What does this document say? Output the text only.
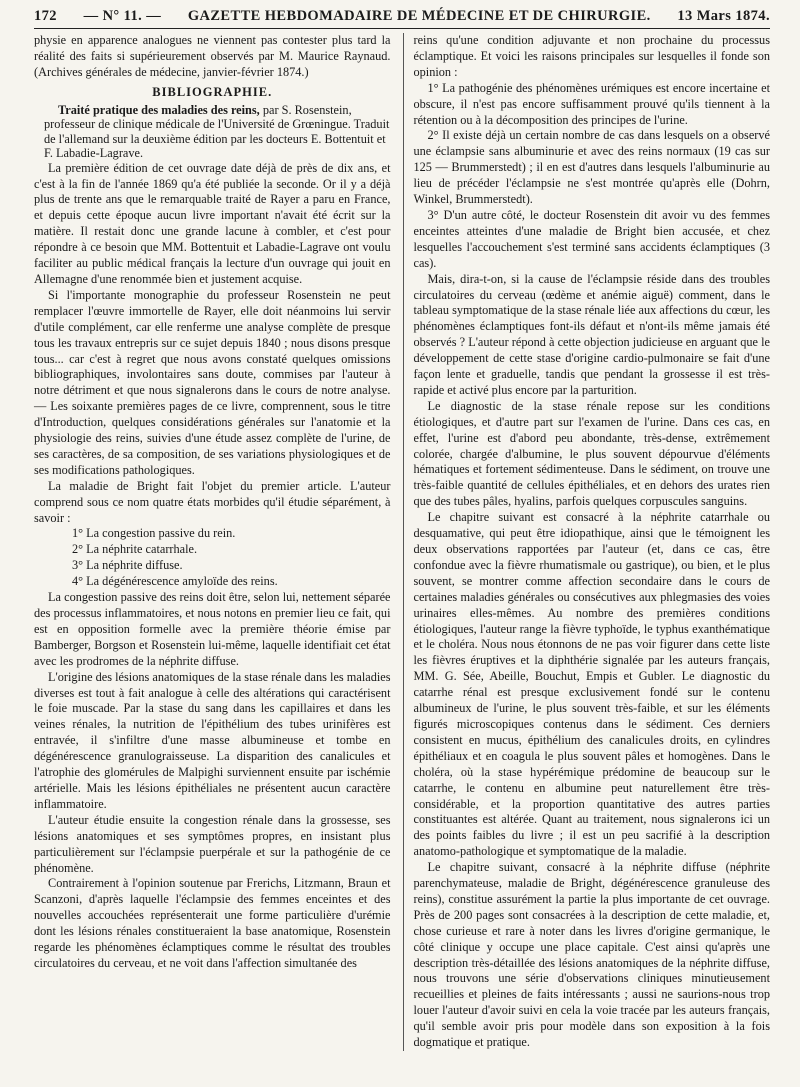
172 — N° 11. — GAZETTE HEBDOMADAIRE DE MÉDECINE ET DE CHIRURGIE. 13 Mars 1874.

physie en apparence analogues ne viennent pas contester plus tard la réalité des faits si supérieurement observés par M. Maurice Raynaud. (Archives générales de médecine, janvier-février 1874.)

BIBLIOGRAPHIE.

Traité pratique des maladies des reins, par S. Rosenstein, professeur de clinique médicale de l'Université de Grœningue. Traduit de l'allemand sur la deuxième édition par les docteurs E. Bottentuit et F. Labadie-Lagrave.

La première édition de cet ouvrage date déjà de près de dix ans, et c'est à la fin de l'année 1869 qu'a été publiée la seconde. Or il y a déjà plus de trente ans que le remarquable traité de Rayer a paru en France, et depuis cette époque aucun livre important n'avait été écrit sur la matière. Il restait donc une grande lacune à combler, et c'est pour répondre à ce besoin que MM. Bottentuit et Labadie-Lagrave ont voulu faciliter au public médical français la lecture d'un ouvrage qui jouit en Allemagne d'une renommée bien et justement acquise.

Si l'importante monographie du professeur Rosenstein ne peut remplacer l'œuvre immortelle de Rayer, elle doit néanmoins lui servir d'utile complément, car elle renferme une analyse complète de presque tous les travaux entrepris sur ce sujet depuis 1840 ; nous disons presque tous... car c'est à regret que nous avons constaté quelques omissions bibliographiques, involontaires sans doute, commises par l'auteur à notre détriment et que nous signalerons dans le cours de notre analyse. — Les soixante premières pages de ce livre, comprennent, sous le titre d'Introduction, quelques considérations générales sur l'anatomie et la physiologie des reins, suivies d'une étude assez complète de l'urine, de ses caractères, de sa composition, de ses variations physiologiques et de ses modifications pathologiques.

La maladie de Bright fait l'objet du premier article. L'auteur comprend sous ce nom quatre états morbides qu'il étudie séparément, à savoir :

1° La congestion passive du rein.

2° La néphrite catarrhale.

3° La néphrite diffuse.

4° La dégénérescence amyloïde des reins.

La congestion passive des reins doit être, selon lui, nettement séparée des processus inflammatoires, et nous notons en premier lieu ce fait, qui est en opposition formelle avec la première théorie émise par Bamberger, Borgson et Rosenstein lui-même, laquelle identifiait cet état avec les prodromes de la néphrite diffuse.

L'origine des lésions anatomiques de la stase rénale dans les maladies diverses est tout à fait analogue à celle des altérations qui caractérisent le foie muscade. Par la stase du sang dans les capillaires et dans les veines rénales, la nutrition de l'épithélium des tubes urinifères est entravée, il s'infiltre d'une masse albumineuse et tombe en dégénérescence granulograisseuse. La disparition des canalicules et l'atrophie des glomérules de Malpighi surviennent ensuite par ischémie artérielle. Mais les lésions épithéliales ne présentent aucun caractère inflammatoire.

L'auteur étudie ensuite la congestion rénale dans la grossesse, ses lésions anatomiques et ses symptômes propres, en insistant plus particulièrement sur l'éclampsie puerpérale et sur la pathogénie de ce phénomène.

Contrairement à l'opinion soutenue par Frerichs, Litzmann, Braun et Scanzoni, d'après laquelle l'éclampsie des femmes enceintes et des nouvelles accouchées représenterait une forme particulière d'urémie dont les lésions rénales constitueraient la base anatomique, Rosenstein regarde les phénomènes éclamptiques comme le résultat des troubles circulatoires du cerveau, et ne voit dans l'affection simultanée des

reins qu'une condition adjuvante et non prochaine du processus éclamptique. Et voici les raisons principales sur lesquelles il fonde son opinion :

1° La pathogénie des phénomènes urémiques est encore incertaine et obscure, il n'est pas encore suffisamment prouvé qu'ils tiennent à la rétention ou à la décomposition des principes de l'urine.

2° Il existe déjà un certain nombre de cas dans lesquels on a observé une éclampsie sans albuminurie et avec des reins normaux (19 cas sur 125 — Brummerstedt) ; il en est d'autres dans lesquels l'albuminurie au lieu de précéder l'éclampsie ne s'est montrée qu'après elle (Dohrn, Winkel, Brummerstedt).

3° D'un autre côté, le docteur Rosenstein dit avoir vu des femmes enceintes atteintes d'une maladie de Bright bien accusée, et chez lesquelles l'accouchement s'est terminé sans accidents éclamptiques (3 cas).

Mais, dira-t-on, si la cause de l'éclampsie réside dans des troubles circulatoires du cerveau (œdème et anémie aiguë) comment, dans le tableau symptomatique de la stase rénale liée aux affections du cœur, les phénomènes éclamptiques font-ils défaut et n'ont-ils même jamais été observés ? L'auteur répond à cette objection judicieuse en arguant que le développement de cette stase d'origine cardio-pulmonaire se fait d'une façon lente et graduelle, tandis que pendant la grossesse il est très-rapide et activé plus encore par la parturition.

Le diagnostic de la stase rénale repose sur les conditions étiologiques, et d'autre part sur l'examen de l'urine. Dans ces cas, en effet, l'urine est d'abord peu abondante, très-dense, extrêmement colorée, chargée d'albumine, le plus souvent dépourvue d'éléments hématiques et fortement sédimenteuse. Dans le sédiment, on trouve une très-faible quantité de cellules épithéliales, et en dehors des urates rien que des tubes pâles, hyalins, parfois quelques corpuscules sanguins.

Le chapitre suivant est consacré à la néphrite catarrhale ou desquamative, qui peut être idiopathique, ainsi que le témoignent les deux observations rapportées par l'auteur (et, dans ce cas, être confondue avec la fièvre rhumatismale ou gastrique), ou bien, et le plus souvent, se montrer comme affection secondaire dans le cours de certaines maladies générales ou consécutives aux phlegmasies des voies urinaires elles-mêmes. Au nombre des premières conditions étiologiques, l'auteur range la fièvre typhoïde, le typhus exanthématique et le choléra. Nous nous étonnons de ne pas voir figurer dans cette liste les fièvres éruptives et la diphthérie signalée par les auteurs français, MM. G. Sée, Abeille, Bouchut, Empis et Gubler. Le diagnostic du catarrhe rénal est presque exclusivement fondé sur le contenu albumineux de l'urine, le plus souvent très-faible, et sur les éléments figurés microscopiques contenus dans le sédiment. Ces derniers consistent en mucus, épithélium des canalicules droits, en cylindres épithéliaux et en coagula le plus souvent pâles et homogènes. Dans le choléra, où la stase hypérémique prédomine de beaucoup sur le catarrhe, le contenu en albumine peut naturellement être très-considérable, et la proportion quantitative des autres parties constituantes est altérée. Quant au traitement, nous signalerons ici un des points faibles du livre ; il est un peu sacrifié à la description anatomo-pathologique et symptomatique de la maladie.

Le chapitre suivant, consacré à la néphrite diffuse (néphrite parenchymateuse, maladie de Bright, dégénérescence granuleuse des reins), constitue assurément la partie la plus importante de cet ouvrage. Près de 200 pages sont consacrées à la description de cette maladie, et, chose curieuse et rare à noter dans les livres d'origine germanique, le côté clinique y occupe une place capitale. C'est ainsi qu'après une description très-détaillée des lésions anatomiques de la néphrite diffuse, nous trouvons une série d'observations cliniques minutieusement recueillies et pleines de faits intéressants ; aussi ne saurions-nous trop louer l'auteur d'avoir suivi en cela la voie tracée par les auteurs français, qu'il semble avoir pris pour modèle dans son exposition à la fois dogmatique et pratique.
